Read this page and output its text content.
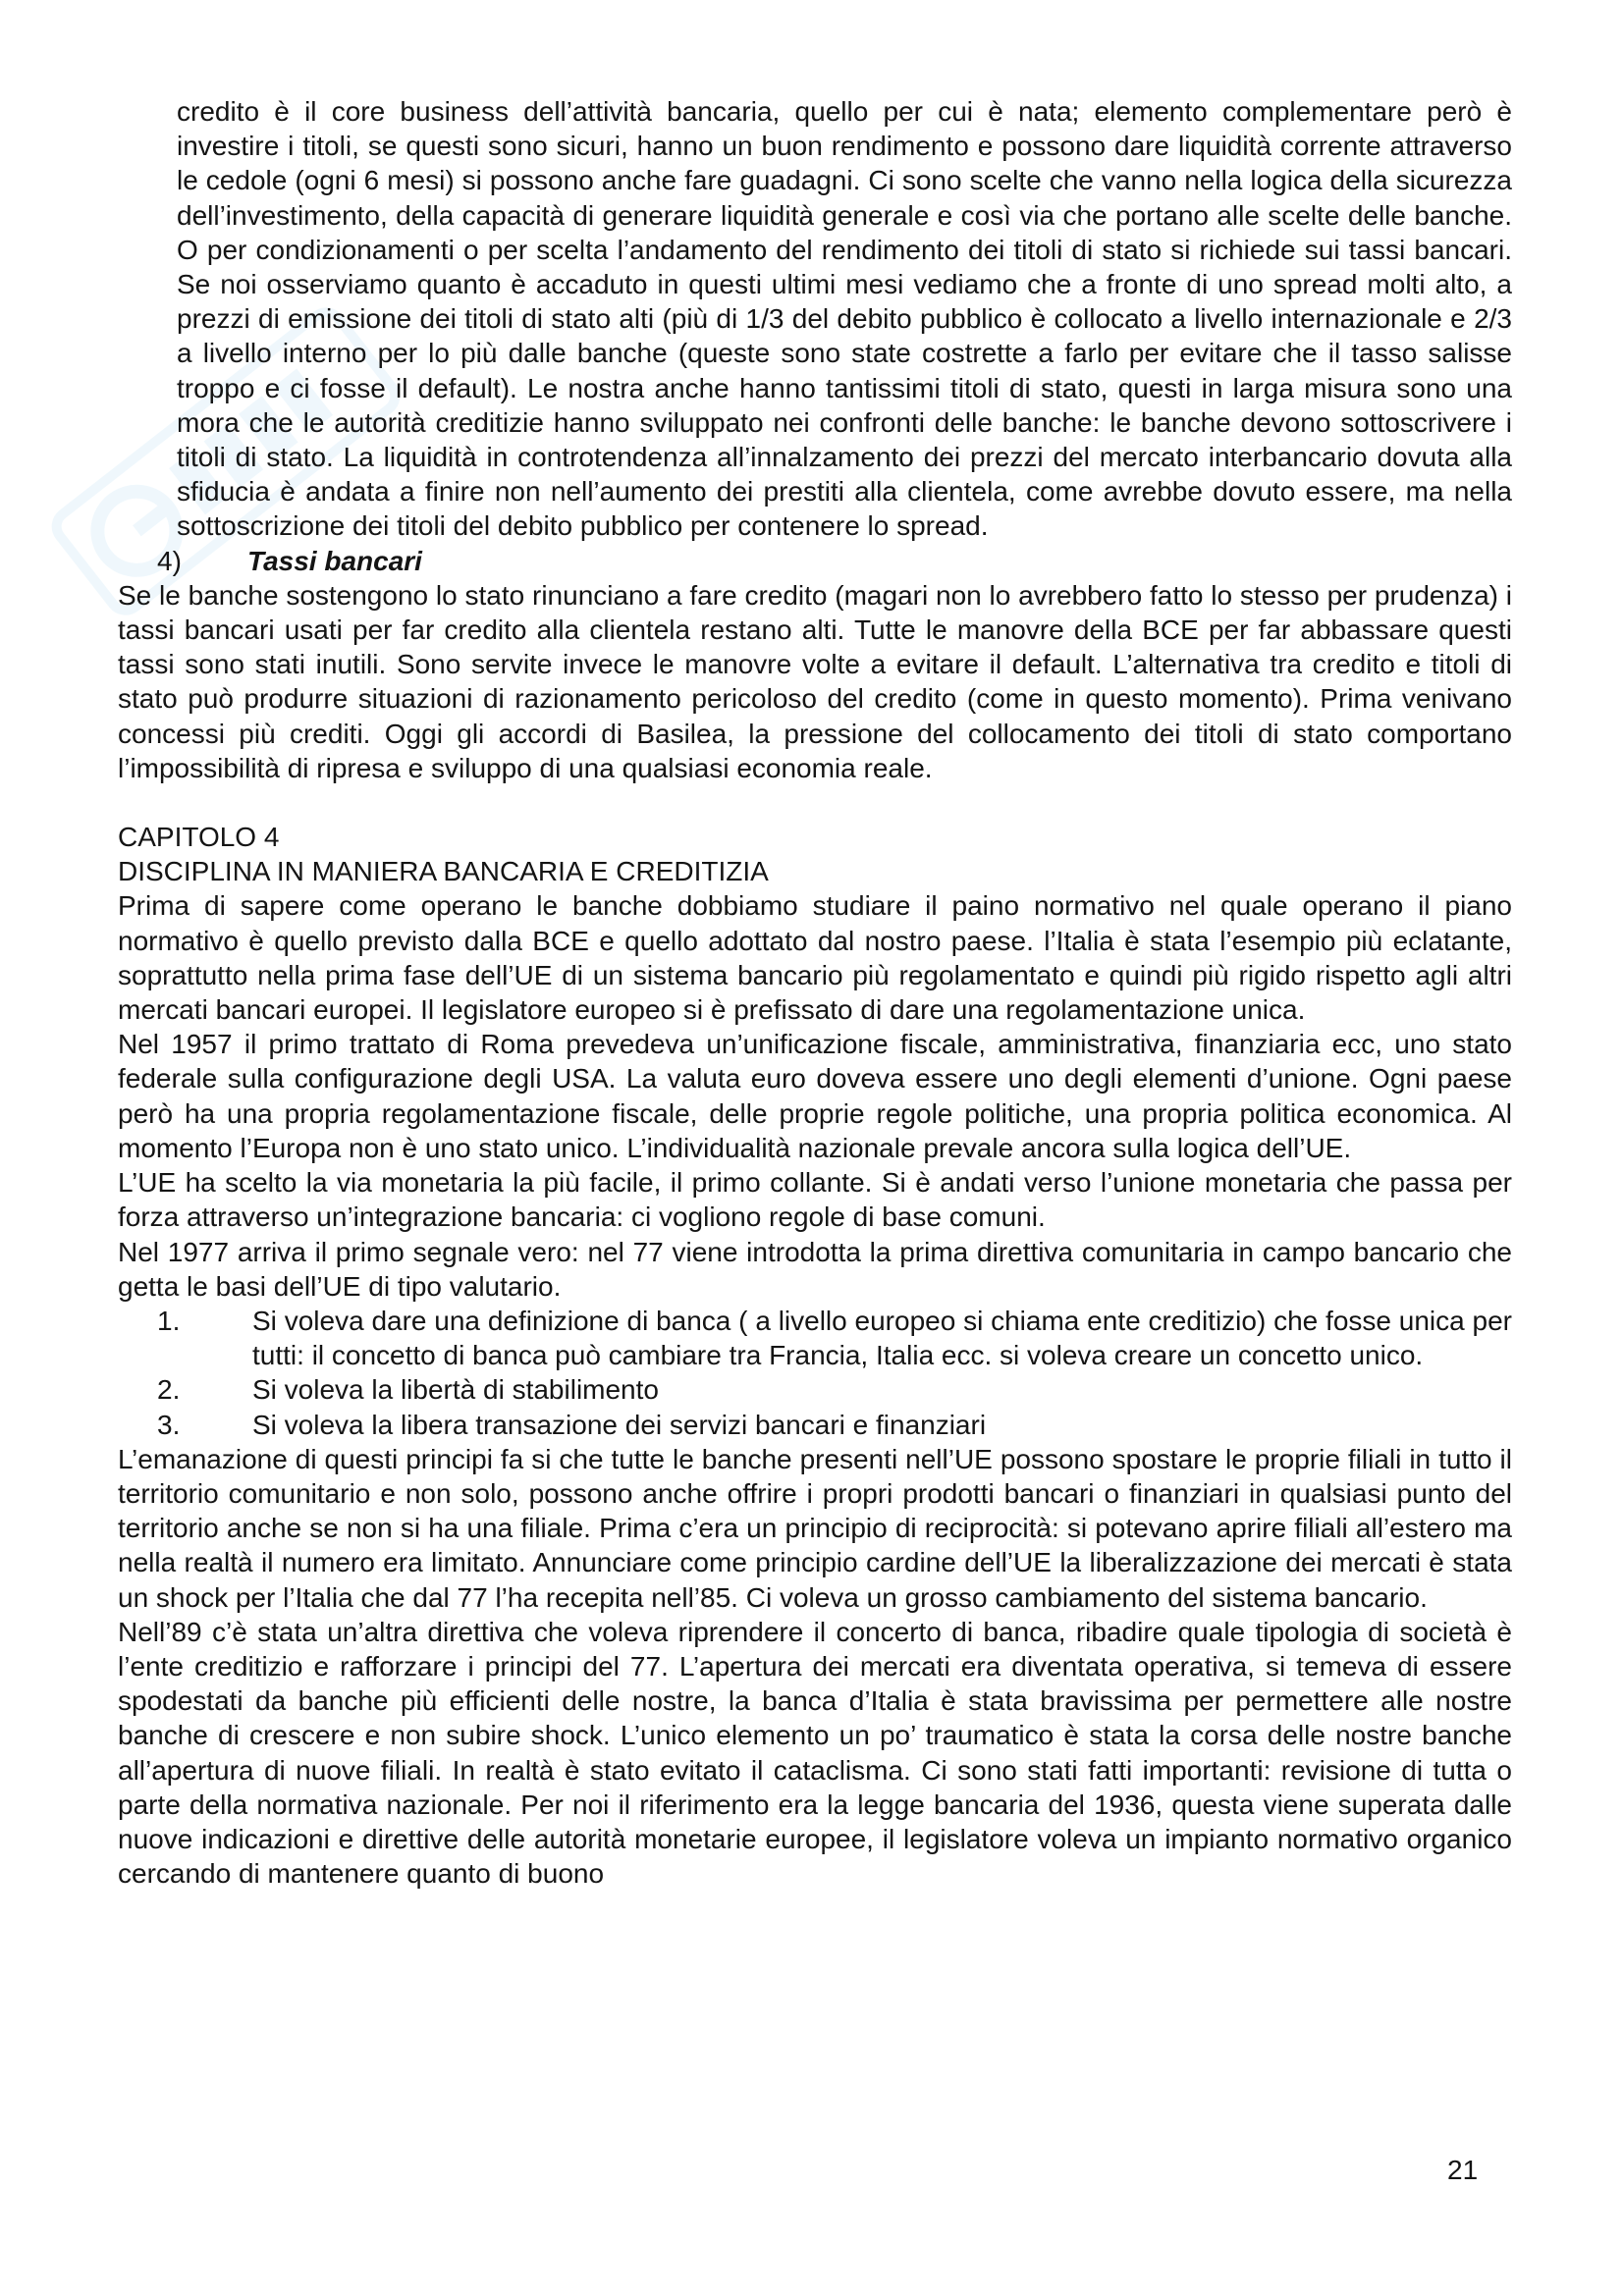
credito è il core business dell’attività bancaria, quello per cui è nata; elemento complementare però è investire i titoli, se questi sono sicuri, hanno un buon rendimento e possono dare liquidità corrente attraverso le cedole (ogni 6 mesi) si possono anche fare guadagni. Ci sono scelte che vanno nella logica della sicurezza dell’investimento, della capacità di generare liquidità generale e così via che portano alle scelte delle banche. O per condizionamenti o per scelta l’andamento del rendimento dei titoli di stato si richiede sui tassi bancari. Se noi osserviamo quanto è accaduto in questi ultimi mesi vediamo che a fronte di uno spread molti alto, a prezzi di emissione dei titoli di stato alti (più di 1/3 del debito pubblico è collocato a livello internazionale e 2/3 a livello interno per lo più dalle banche (queste sono state costrette a farlo per evitare che il tasso salisse troppo e ci fosse il default). Le nostra anche hanno tantissimi titoli di stato, questi in larga misura sono una mora che le autorità creditizie hanno sviluppato nei confronti delle banche: le banche devono sottoscrivere i titoli di stato. La liquidità in controtendenza all’innalzamento dei prezzi del mercato interbancario dovuta alla sfiducia è andata a finire non nell’aumento dei prestiti alla clientela, come avrebbe dovuto essere, ma nella sottoscrizione dei titoli del debito pubblico per contenere lo spread.

4)	Tassi bancari

Se le banche sostengono lo stato rinunciano a fare credito (magari non lo avrebbero fatto lo stesso per prudenza) i tassi bancari usati per far credito alla clientela restano alti. Tutte le manovre della BCE per far abbassare questi tassi sono stati inutili. Sono servite invece le manovre volte a evitare il default. L’alternativa tra credito e titoli di stato può produrre situazioni di razionamento pericoloso del credito (come in questo momento). Prima venivano concessi più crediti. Oggi gli accordi di Basilea, la pressione del collocamento dei titoli di stato comportano l’impossibilità di ripresa e sviluppo di una qualsiasi economia reale.

CAPITOLO 4

DISCIPLINA IN MANIERA BANCARIA E CREDITIZIA

Prima di sapere come operano le banche dobbiamo studiare il paino normativo nel quale operano il piano normativo è quello previsto dalla BCE e quello adottato dal nostro paese. l’Italia è stata l’esempio più eclatante, soprattutto nella prima fase dell’UE di un sistema bancario più regolamentato e quindi più rigido rispetto agli altri mercati bancari europei. Il legislatore europeo si è prefissato di dare una regolamentazione unica.

Nel 1957 il primo trattato di Roma prevedeva un’unificazione fiscale, amministrativa, finanziaria ecc, uno stato federale sulla configurazione degli USA. La valuta euro doveva essere uno degli elementi d’unione. Ogni paese però ha una propria regolamentazione fiscale, delle proprie regole politiche, una propria politica economica. Al momento l’Europa non è uno stato unico. L’individualità nazionale prevale ancora sulla logica dell’UE.

L’UE ha scelto la via monetaria la più facile, il primo collante. Si è andati verso l’unione monetaria che passa per forza attraverso un’integrazione bancaria: ci vogliono regole di base comuni.

Nel 1977 arriva il primo segnale vero: nel 77 viene introdotta la prima direttiva comunitaria in campo bancario che getta le basi dell’UE di tipo valutario.

1.	Si voleva dare una definizione di banca ( a livello europeo si chiama ente creditizio) che fosse unica per tutti: il concetto di banca può cambiare tra Francia, Italia ecc. si voleva creare un concetto unico.
2.	Si voleva la libertà di stabilimento
3.	Si voleva la libera transazione dei servizi bancari e finanziari

L’emanazione di questi principi fa si che tutte le banche presenti nell’UE possono spostare le proprie filiali in tutto il territorio comunitario e non solo, possono anche offrire i propri prodotti bancari o finanziari in qualsiasi punto del territorio anche se non si ha una filiale. Prima c’era un principio di reciprocità: si potevano aprire filiali all’estero ma nella realtà il numero era limitato. Annunciare come principio cardine dell’UE la liberalizzazione dei mercati è stata un shock per l’Italia che dal 77 l’ha recepita nell’85. Ci voleva un grosso cambiamento del sistema bancario.

Nell’89 c’è stata un’altra direttiva che voleva riprendere il concerto di banca, ribadire quale tipologia di società è l’ente creditizio e rafforzare i principi del 77. L’apertura dei mercati era diventata operativa, si temeva di essere spodestati da banche più efficienti delle nostre, la banca d’Italia è stata bravissima per permettere alle nostre banche di crescere e non subire shock. L’unico elemento un po’ traumatico è stata la corsa delle nostre banche all’apertura di nuove filiali. In realtà è stato evitato il cataclisma. Ci sono stati fatti importanti: revisione di tutta o parte della normativa nazionale. Per noi il riferimento era la legge bancaria del 1936, questa viene superata dalle nuove indicazioni e direttive delle autorità monetarie europee, il legislatore voleva un impianto normativo organico cercando di mantenere quanto di buono

21
